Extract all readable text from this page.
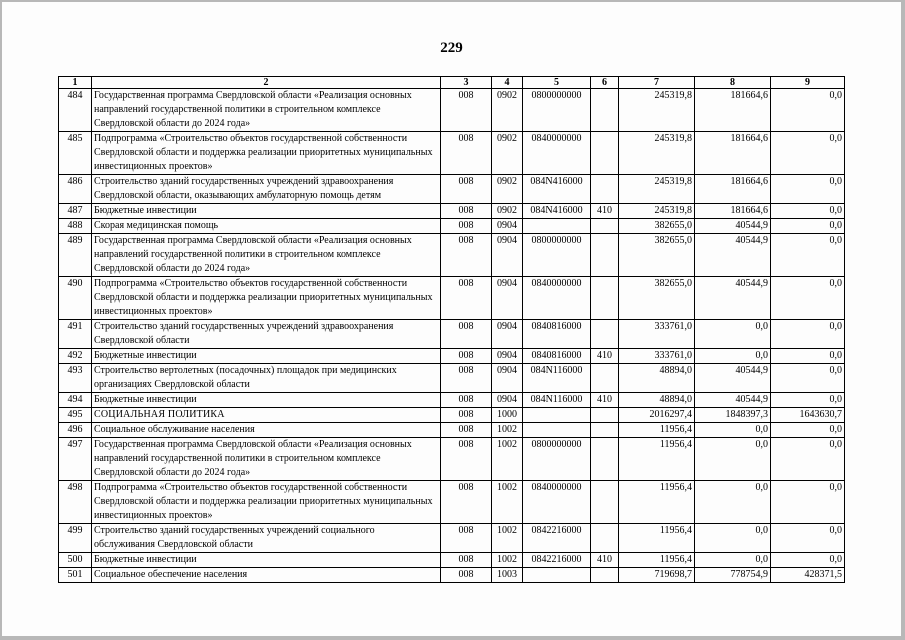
229
1	2	3	4	5	6	7	8	9
484	Государственная программа Свердловской области «Реализация основных направлений государственной политики в строительном комплексе Свердловской области до 2024 года»	008	0902	0800000000		245319,8	181664,6	0,0
485	Подпрограмма «Строительство объектов государственной собственности Свердловской области и поддержка реализации приоритетных муниципальных инвестиционных проектов»	008	0902	0840000000		245319,8	181664,6	0,0
486	Строительство зданий государственных учреждений здравоохранения Свердловской области, оказывающих амбулаторную помощь детям	008	0902	084N416000		245319,8	181664,6	0,0
487	Бюджетные инвестиции	008	0902	084N416000	410	245319,8	181664,6	0,0
488	Скорая медицинская помощь	008	0904			382655,0	40544,9	0,0
489	Государственная программа Свердловской области «Реализация основных направлений государственной политики в строительном комплексе Свердловской области до 2024 года»	008	0904	0800000000		382655,0	40544,9	0,0
490	Подпрограмма «Строительство объектов государственной собственности Свердловской области и поддержка реализации приоритетных муниципальных инвестиционных проектов»	008	0904	0840000000		382655,0	40544,9	0,0
491	Строительство зданий государственных учреждений здравоохранения Свердловской области	008	0904	0840816000		333761,0	0,0	0,0
492	Бюджетные инвестиции	008	0904	0840816000	410	333761,0	0,0	0,0
493	Строительство вертолетных (посадочных) площадок при медицинских организациях Свердловской области	008	0904	084N116000		48894,0	40544,9	0,0
494	Бюджетные инвестиции	008	0904	084N116000	410	48894,0	40544,9	0,0
495	СОЦИАЛЬНАЯ ПОЛИТИКА	008	1000			2016297,4	1848397,3	1643630,7
496	Социальное обслуживание населения	008	1002			11956,4	0,0	0,0
497	Государственная программа Свердловской области «Реализация основных направлений государственной политики в строительном комплексе Свердловской области до 2024 года»	008	1002	0800000000		11956,4	0,0	0,0
498	Подпрограмма «Строительство объектов государственной собственности Свердловской области и поддержка реализации приоритетных муниципальных инвестиционных проектов»	008	1002	0840000000		11956,4	0,0	0,0
499	Строительство зданий государственных учреждений социального обслуживания Свердловской области	008	1002	0842216000		11956,4	0,0	0,0
500	Бюджетные инвестиции	008	1002	0842216000	410	11956,4	0,0	0,0
501	Социальное обеспечение населения	008	1003			719698,7	778754,9	428371,5
